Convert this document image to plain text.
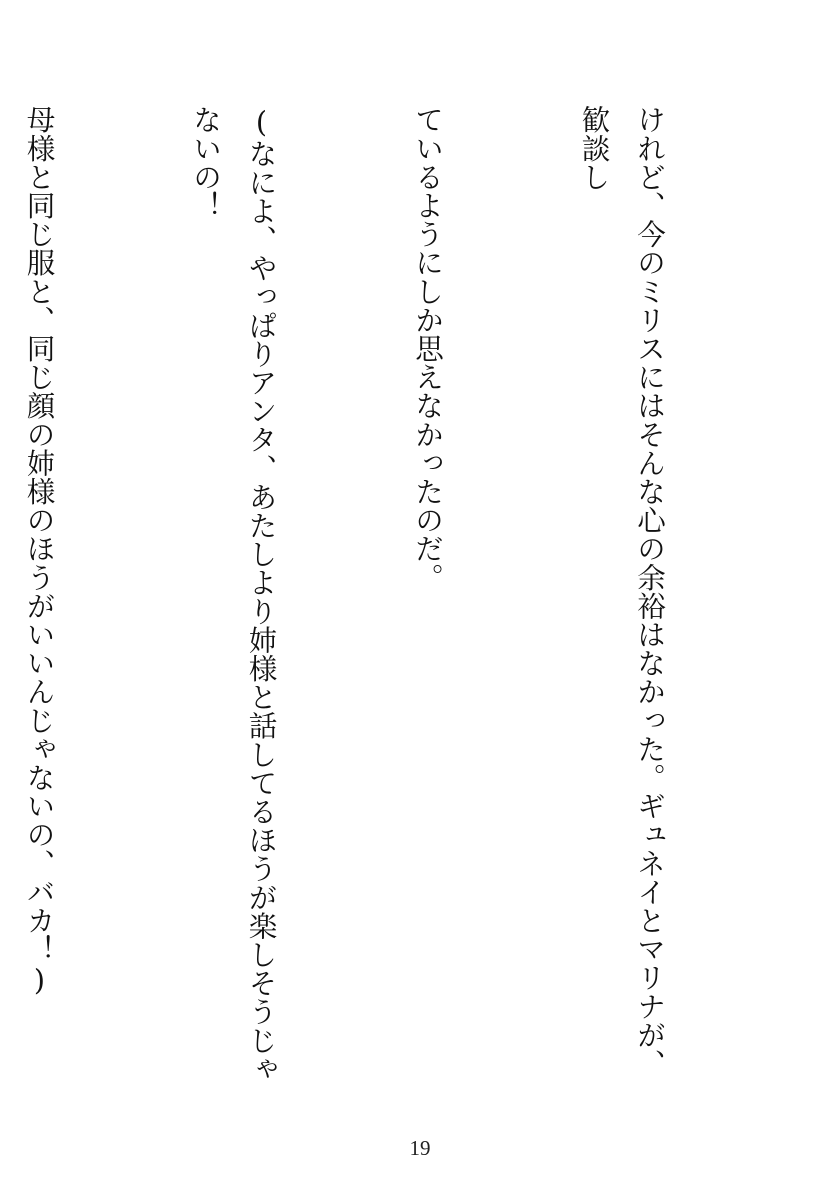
けれど、今のミリスにはそんな心の余裕はなかった。ギュネイとマリナが、歓談し

ているようにしか思えなかったのだ。

(なによ、やっぱりアンタ、あたしより姉様と話してるほうが楽しそうじゃないの！

母様と同じ服と、同じ顔の姉様のほうがいいんじゃないの、バカ！)

19
